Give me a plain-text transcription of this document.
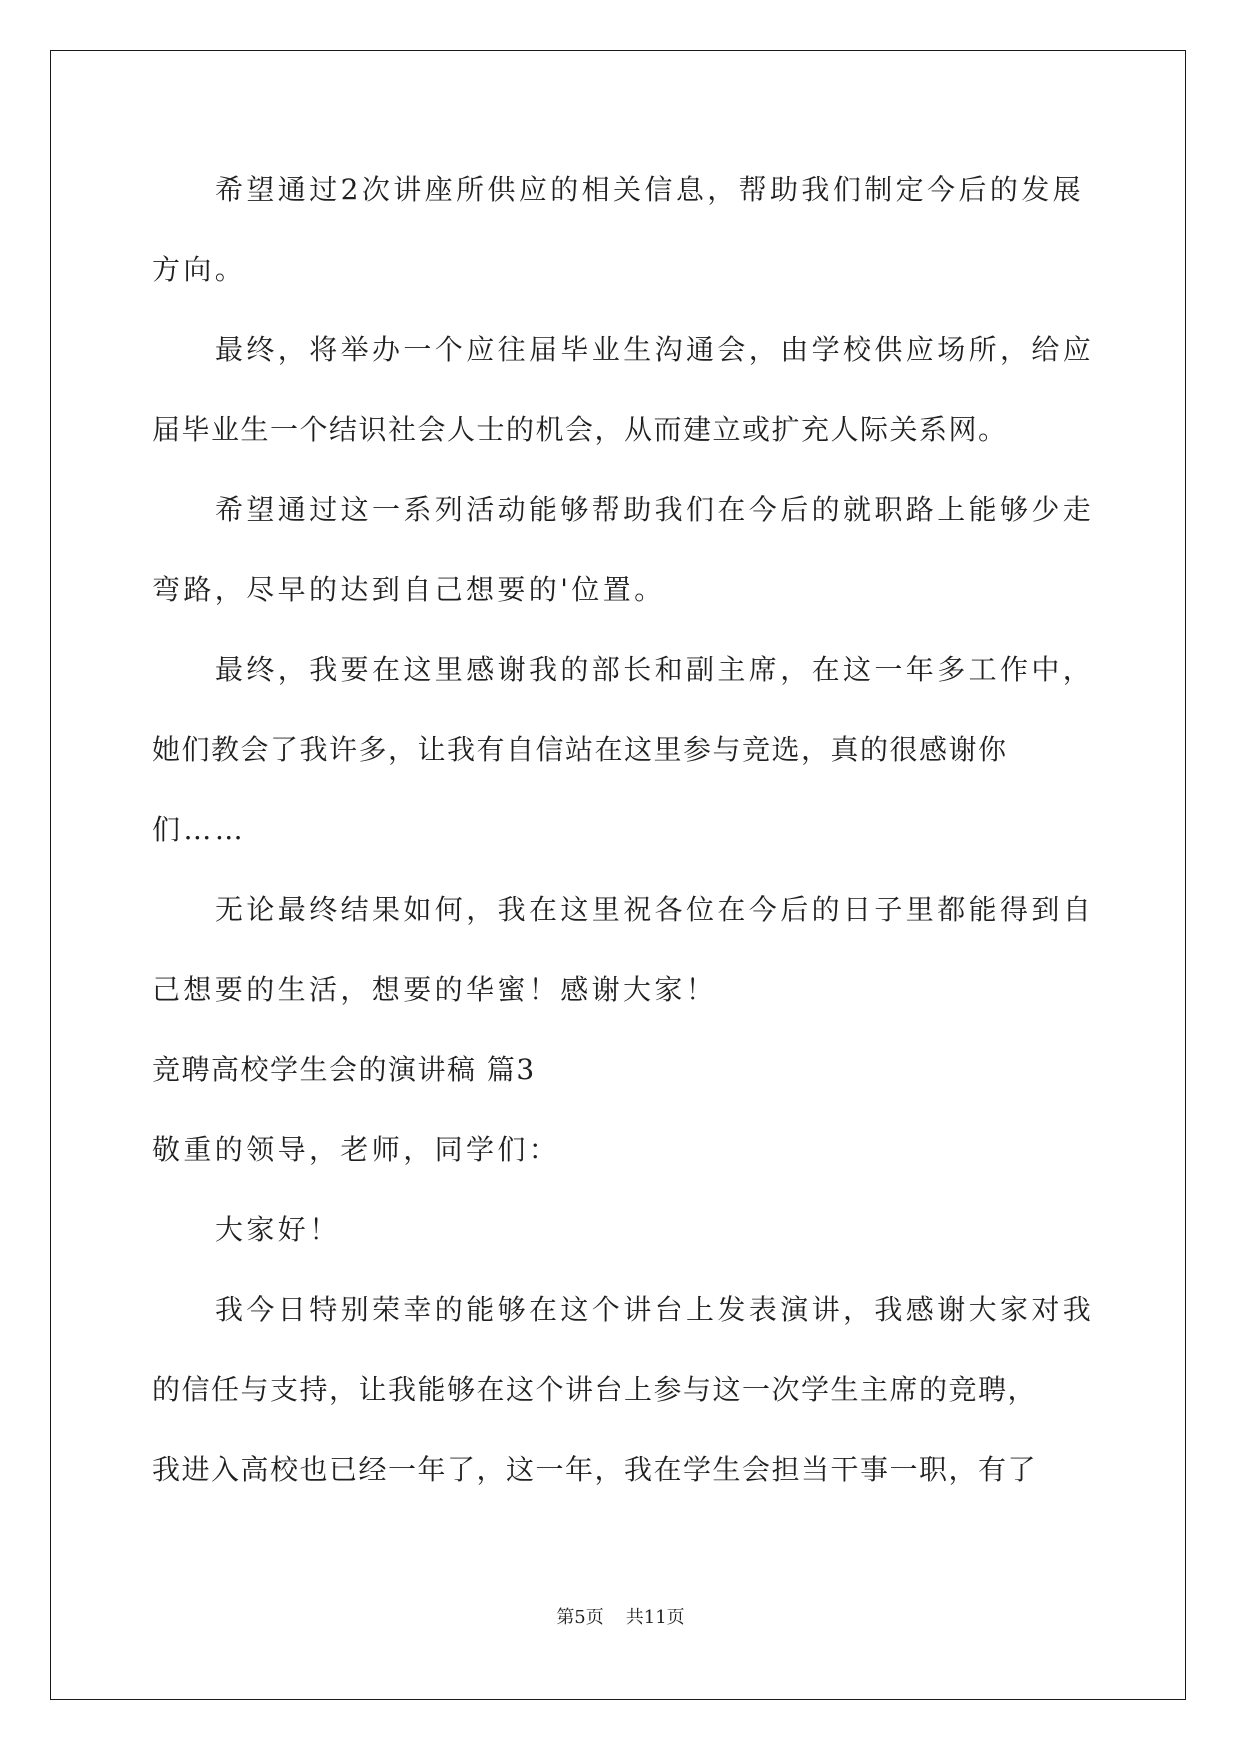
希望通过2次讲座所供应的相关信息，帮助我们制定今后的发展

方向。

最终，将举办一个应往届毕业生沟通会，由学校供应场所，给应

届毕业生一个结识社会人士的机会，从而建立或扩充人际关系网。

希望通过这一系列活动能够帮助我们在今后的就职路上能够少走

弯路，尽早的达到自己想要的'位置。

最终，我要在这里感谢我的部长和副主席，在这一年多工作中，

她们教会了我许多，让我有自信站在这里参与竞选，真的很感谢你

们……

无论最终结果如何，我在这里祝各位在今后的日子里都能得到自

己想要的生活，想要的华蜜！感谢大家！

竞聘高校学生会的演讲稿 篇3

敬重的领导，老师，同学们：

大家好！

我今日特别荣幸的能够在这个讲台上发表演讲，我感谢大家对我

的信任与支持，让我能够在这个讲台上参与这一次学生主席的竞聘，

我进入高校也已经一年了，这一年，我在学生会担当干事一职，有了

第5页 共11页
